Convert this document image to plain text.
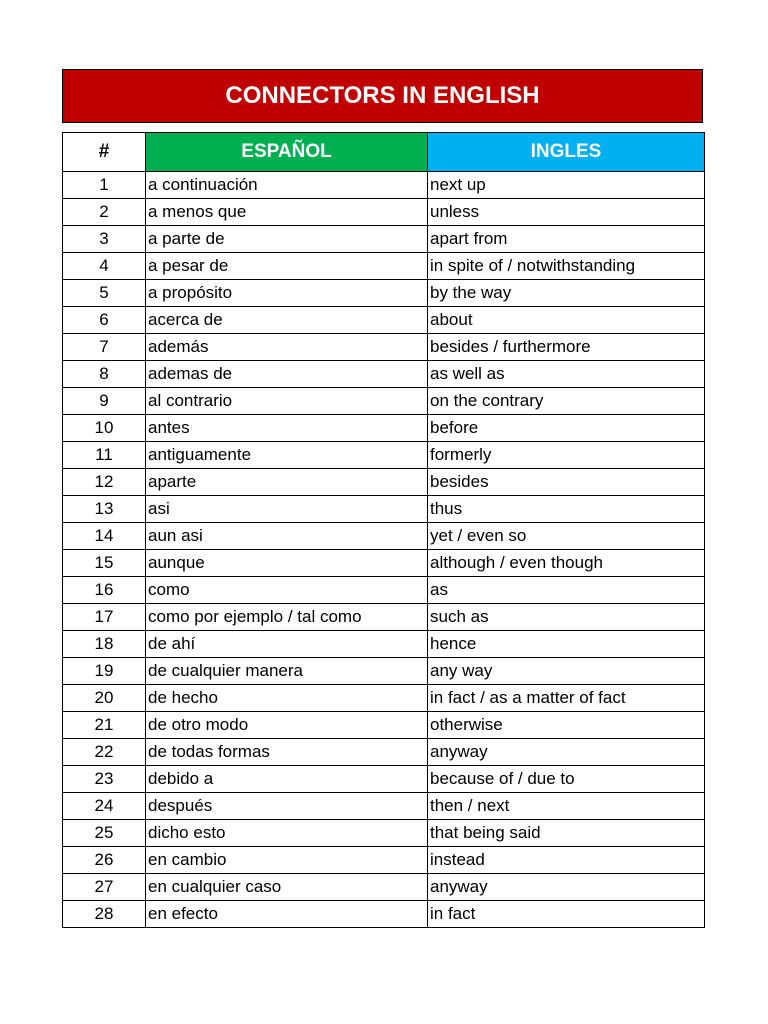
CONNECTORS IN ENGLISH
#	ESPAÑOL	INGLES
1	a continuación	next up
2	a menos que	unless
3	a parte de	apart from
4	a pesar de	in spite of / notwithstanding
5	a propósito	by the way
6	acerca de	about
7	además	besides / furthermore
8	ademas de	as well as
9	al contrario	on the contrary
10	antes	before
11	antiguamente	formerly
12	aparte	besides
13	asi	thus
14	aun asi	yet / even so
15	aunque	although / even though
16	como	as
17	como por ejemplo / tal como	such as
18	de ahí	hence
19	de cualquier manera	any way
20	de hecho	in fact / as a matter of fact
21	de otro modo	otherwise
22	de todas formas	anyway
23	debido a	because of / due to
24	después	then / next
25	dicho esto	that being said
26	en cambio	instead
27	en cualquier caso	anyway
28	en efecto	in fact
